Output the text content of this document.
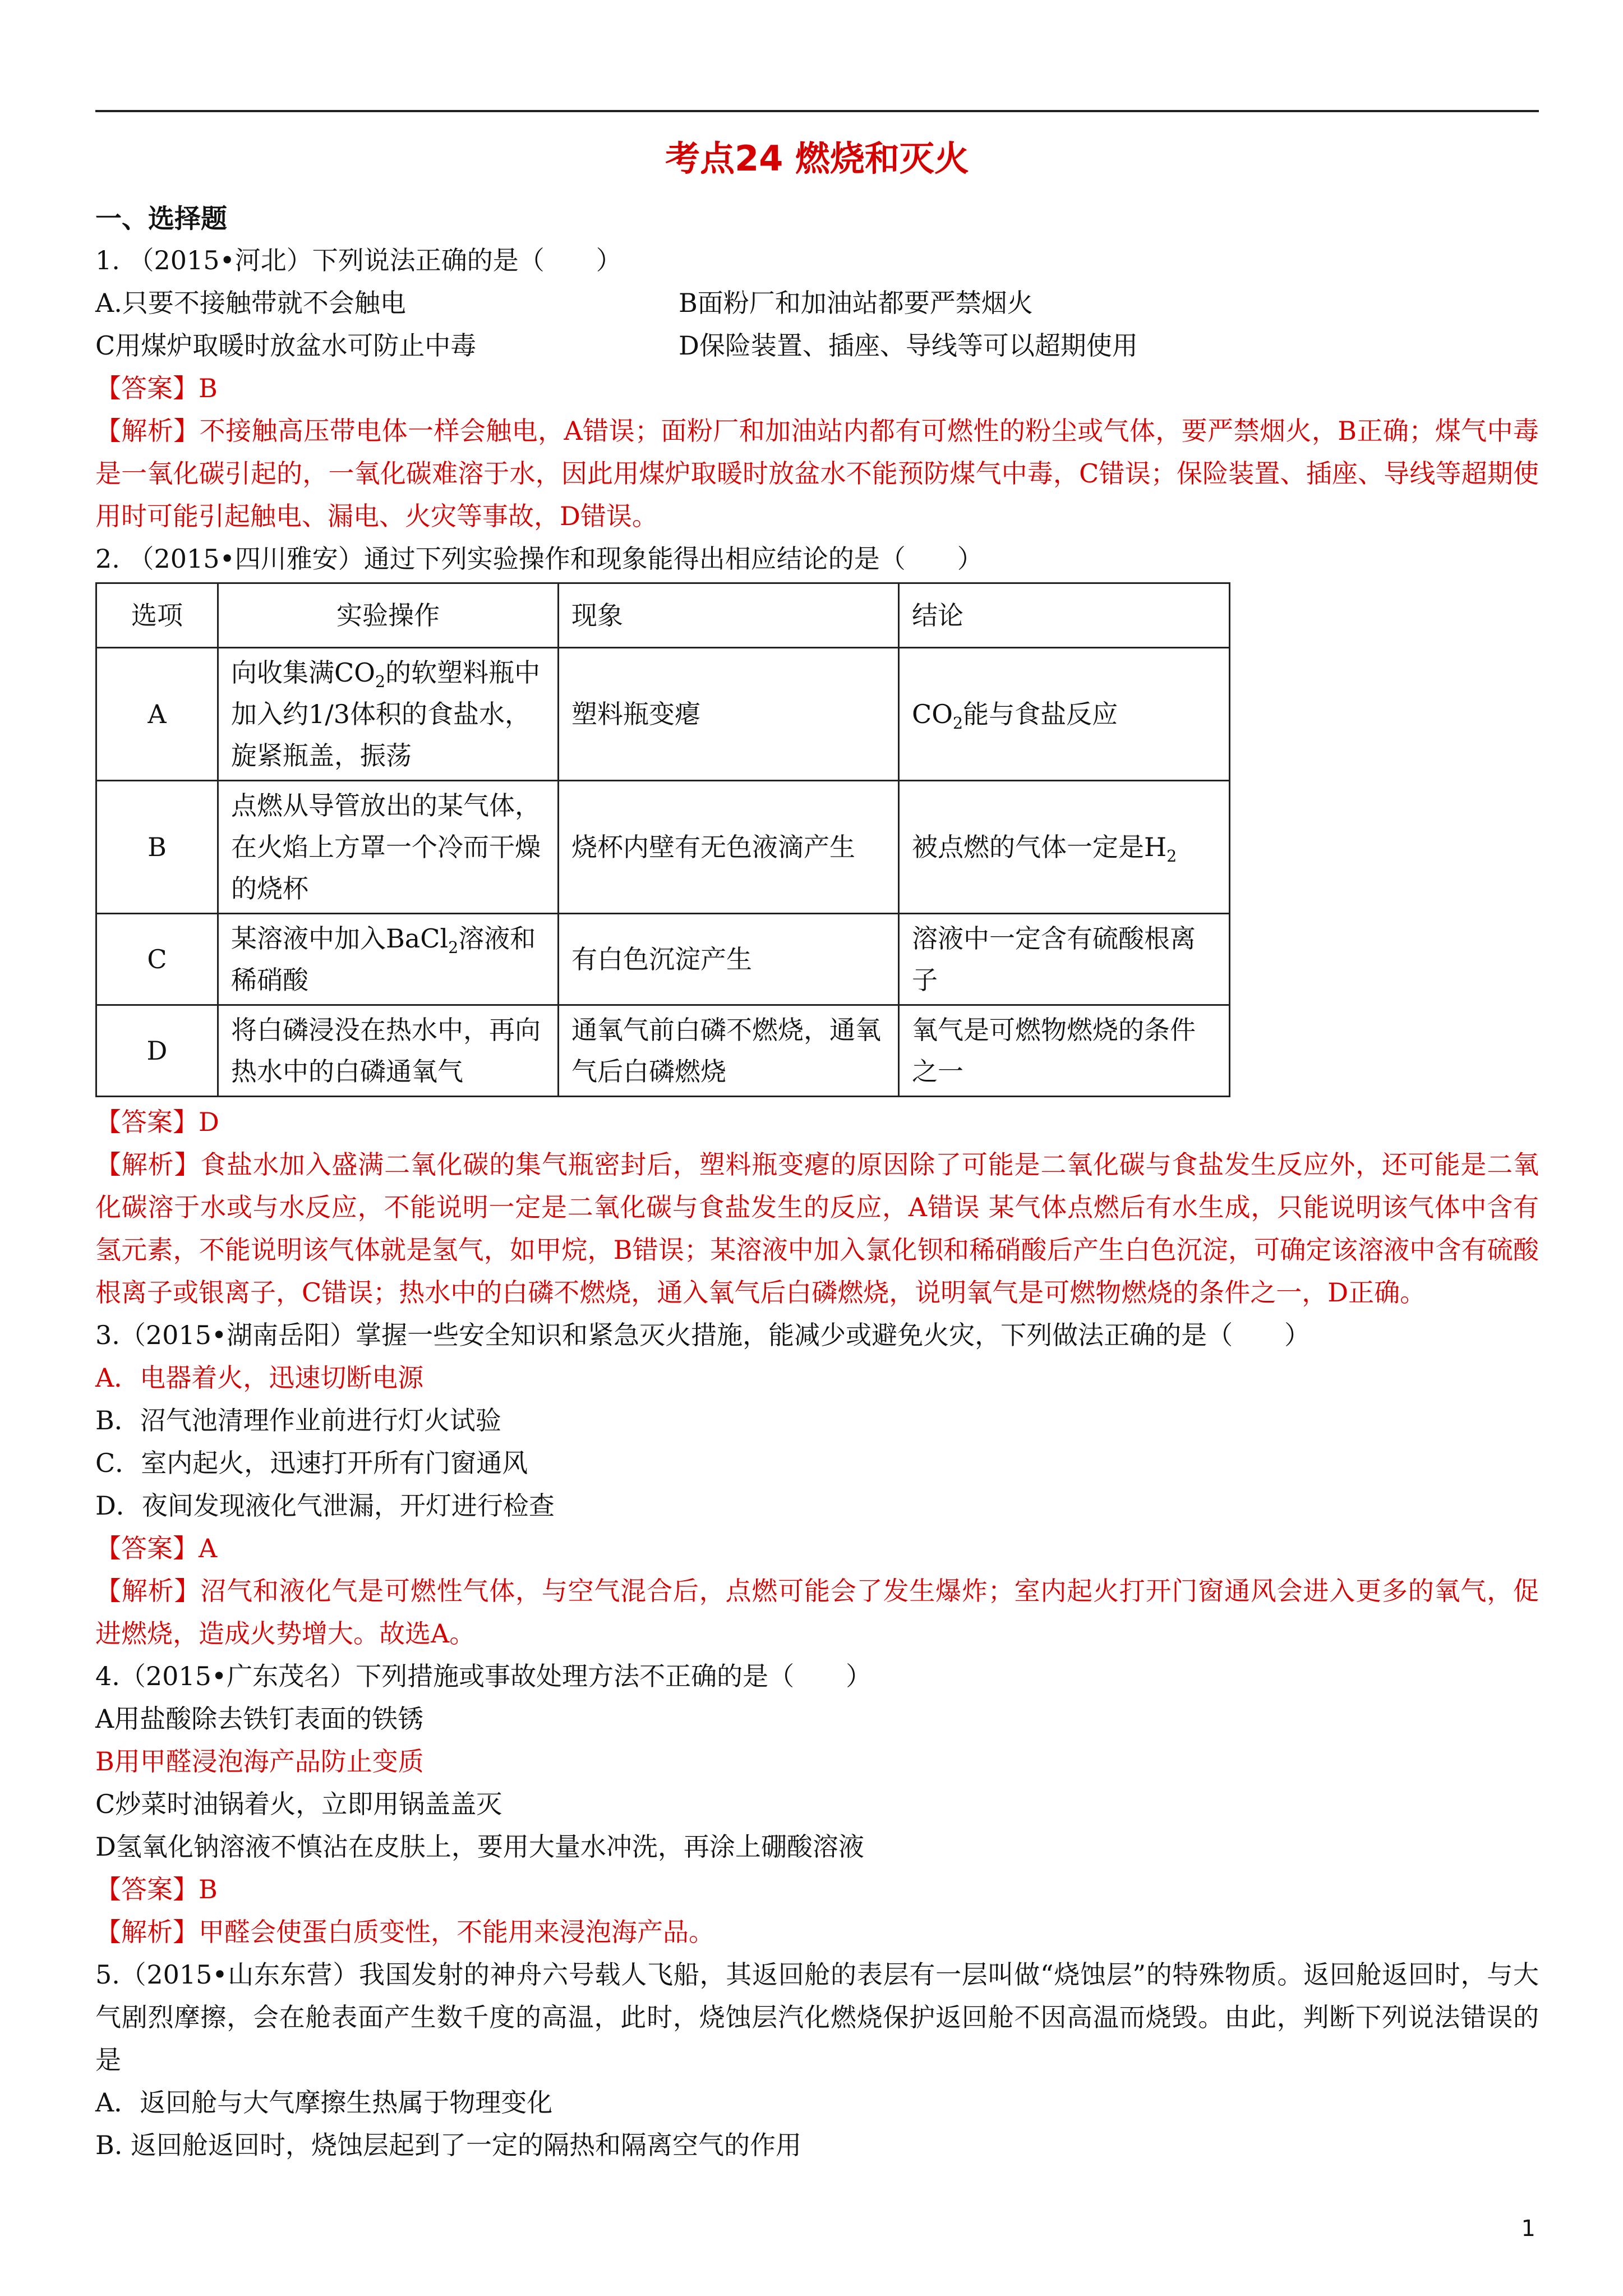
考点24 燃烧和灭火
一、选择题
1. （2015•河北）下列说法正确的是（　　）
A.只要不接触带就不会触电	B面粉厂和加油站都要严禁烟火
C用煤炉取暖时放盆水可防止中毒	D保险装置、插座、导线等可以超期使用
【答案】B
【解析】不接触高压带电体一样会触电，A错误；面粉厂和加油站内都有可燃性的粉尘或气体，要严禁烟火，B正确；煤气中毒是一氧化碳引起的，一氧化碳难溶于水，因此用煤炉取暖时放盆水不能预防煤气中毒，C错误；保险装置、插座、导线等超期使用时可能引起触电、漏电、火灾等事故，D错误。
2. （2015•四川雅安）通过下列实验操作和现象能得出相应结论的是（　　）
选项	实验操作	现象	结论
A	向收集满$CO_2$的软塑料瓶中加入约1/3体积的食盐水，旋紧瓶盖，振荡	塑料瓶变瘪	$CO_2$能与食盐反应
B	点燃从导管放出的某气体，在火焰上方罩一个冷而干燥的烧杯	烧杯内壁有无色液滴产生	被点燃的气体一定是$H_2$
C	某溶液中加入BaCl$_2$溶液和稀硝酸	有白色沉淀产生	溶液中一定含有硫酸根离子
D	将白磷浸没在热水中，再向热水中的白磷通氧气	通氧气前白磷不燃烧，通氧气后白磷燃烧	氧气是可燃物燃烧的条件之一
【答案】D
【解析】食盐水加入盛满二氧化碳的集气瓶密封后，塑料瓶变瘪的原因除了可能是二氧化碳与食盐发生反应外，还可能是二氧化碳溶于水或与水反应，不能说明一定是二氧化碳与食盐发生的反应，A错误 某气体点燃后有水生成，只能说明该气体中含有氢元素，不能说明该气体就是氢气，如甲烷，B错误；某溶液中加入氯化钡和稀硝酸后产生白色沉淀，可确定该溶液中含有硫酸根离子或银离子，C错误；热水中的白磷不燃烧，通入氧气后白磷燃烧，说明氧气是可燃物燃烧的条件之一，D正确。
3.（2015•湖南岳阳）掌握一些安全知识和紧急灭火措施，能减少或避免火灾，下列做法正确的是（　　）
A．电器着火，迅速切断电源
B．沼气池清理作业前进行灯火试验
C．室内起火，迅速打开所有门窗通风
D．夜间发现液化气泄漏，开灯进行检查
【答案】A
【解析】沼气和液化气是可燃性气体，与空气混合后，点燃可能会了发生爆炸；室内起火打开门窗通风会进入更多的氧气，促进燃烧，造成火势增大。故选A。
4.（2015•广东茂名）下列措施或事故处理方法不正确的是（　　）
A用盐酸除去铁钉表面的铁锈
B用甲醛浸泡海产品防止变质
C炒菜时油锅着火，立即用锅盖盖灭
D氢氧化钠溶液不慎沾在皮肤上，要用大量水冲洗，再涂上硼酸溶液
【答案】B
【解析】甲醛会使蛋白质变性，不能用来浸泡海产品。
5.（2015•山东东营）我国发射的神舟六号载人飞船，其返回舱的表层有一层叫做“烧蚀层”的特殊物质。返回舱返回时，与大气剧烈摩擦，会在舱表面产生数千度的高温，此时，烧蚀层汽化燃烧保护返回舱不因高温而烧毁。由此，判断下列说法错误的是
A．返回舱与大气摩擦生热属于物理变化
B. 返回舱返回时，烧蚀层起到了一定的隔热和隔离空气的作用
1
